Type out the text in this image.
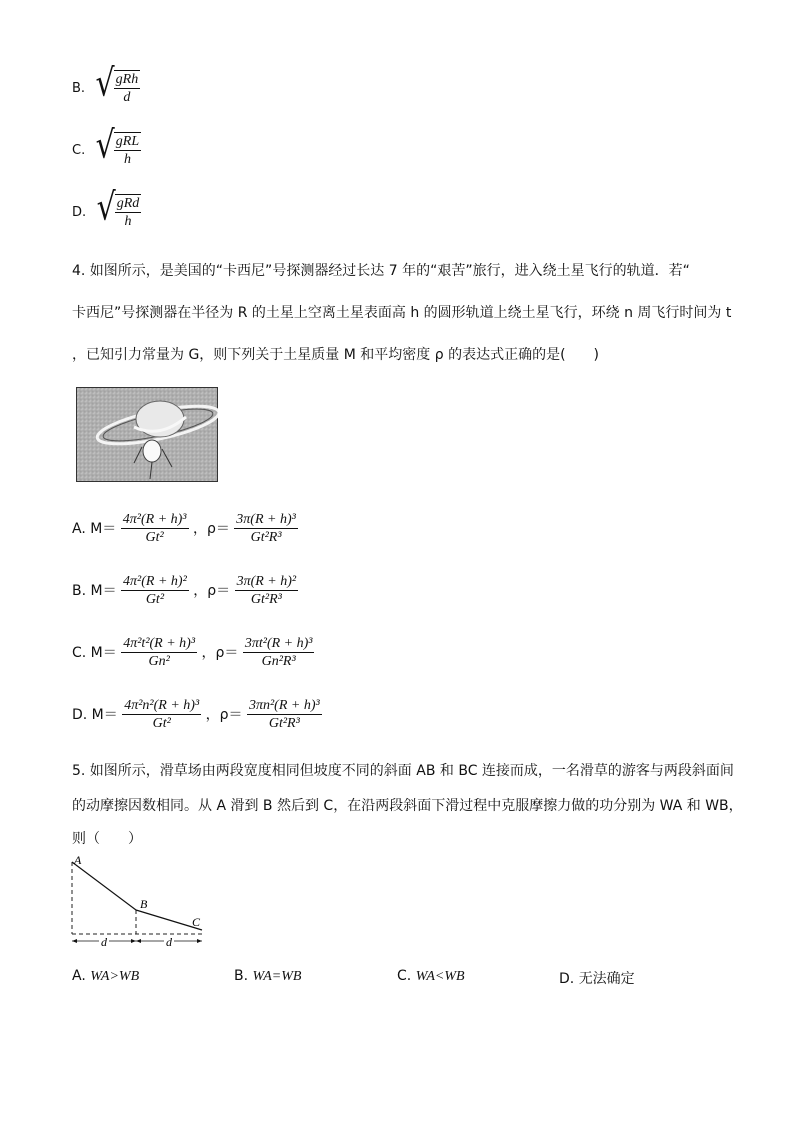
B. √ $\frac{\text{gRh}}{d}$
C. √ $\frac{\text{gRL}}{h}$
D. √ $\frac{\text{gRd}}{h}$
4. 如图所示，是美国的“卡西尼”号探测器经过长达 7 年的“艰苦”旅行，进入绕土星飞行的轨道．若“
卡西尼”号探测器在半径为 R 的土星上空离土星表面高 h 的圆形轨道上绕土星飞行，环绕 n 周飞行时间为 t
，已知引力常量为 G，则下列关于土星质量 M 和平均密度 ρ 的表达式正确的是(　　)
A. $M= \frac{\text{4π²(R + h)³}}{\text{Gt²}}$ ，$\rho= \frac{\text{3π(R + h)³}}{\text{Gt²R³}}$
B. $M= \frac{\text{4π²(R + h)²}}{\text{Gt²}}$ ，$\rho= \frac{\text{3π(R + h)²}}{\text{Gt²R³}}$
C. $M= \frac{\text{4π²t²(R + h)³}}{\text{Gn²}}$ ，$\rho= \frac{\text{3πt²(R + h)³}}{\text{Gn²R³}}$
D. $M= \frac{\text{4π²n²(R + h)³}}{\text{Gt²}}$ ，$\rho= \frac{\text{3πn²(R + h)³}}{\text{Gt²R³}}$
5. 如图所示，滑草场由两段宽度相同但坡度不同的斜面 AB 和 BC 连接而成，一名滑草的游客与两段斜面间
的动摩擦因数相同。从 A 滑到 B 然后到 C，在沿两段斜面下滑过程中克服摩擦力做的功分别为 WA 和 WB，
则（　　）
A
B
C
d	d
A. WA>WB	B. WA=WB	C. WA<WB	D. 无法确定
